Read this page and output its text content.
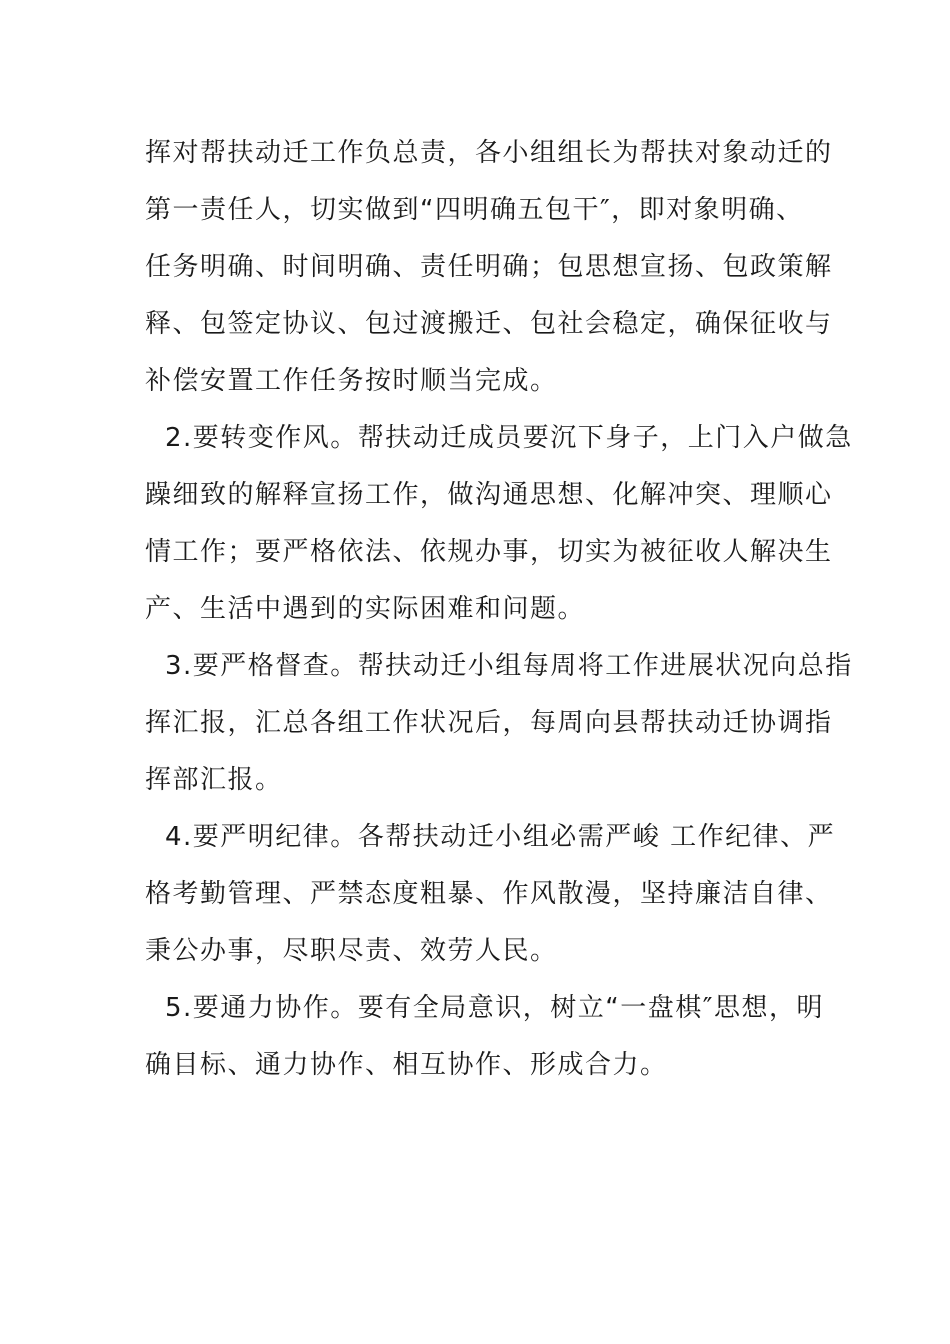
挥对帮扶动迁工作负总责，各小组组长为帮扶对象动迁的
第一责任人，切实做到“四明确五包干″，即对象明确、
任务明确、时间明确、责任明确；包思想宣扬、包政策解
释、包签定协议、包过渡搬迁、包社会稳定，确保征收与
补偿安置工作任务按时顺当完成。
2.要转变作风。帮扶动迁成员要沉下身子，上门入户做急
躁细致的解释宣扬工作，做沟通思想、化解冲突、理顺心
情工作；要严格依法、依规办事，切实为被征收人解决生
产、生活中遇到的实际困难和问题。
3.要严格督查。帮扶动迁小组每周将工作进展状况向总指
挥汇报，汇总各组工作状况后，每周向县帮扶动迁协调指
挥部汇报。
4.要严明纪律。各帮扶动迁小组必需严峻 工作纪律、严
格考勤管理、严禁态度粗暴、作风散漫，坚持廉洁自律、
秉公办事，尽职尽责、效劳人民。
5.要通力协作。要有全局意识，树立“一盘棋″思想，明
确目标、通力协作、相互协作、形成合力。
